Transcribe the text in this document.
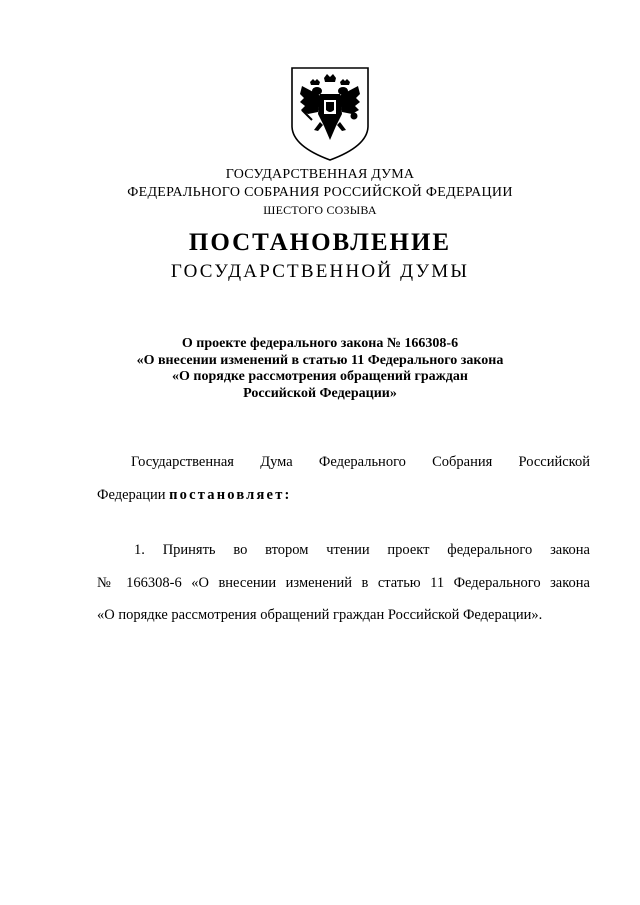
ГОСУДАРСТВЕННАЯ ДУМА
ФЕДЕРАЛЬНОГО СОБРАНИЯ РОССИЙСКОЙ ФЕДЕРАЦИИ
ШЕСТОГО СОЗЫВА
ПОСТАНОВЛЕНИЕ
ГОСУДАРСТВЕННОЙ ДУМЫ
О проекте федерального закона № 166308-6
«О внесении изменений в статью 11 Федерального закона
«О порядке рассмотрения обращений граждан
Российской Федерации»
Государственная Дума Федерального Собрания Российской
Федерации постановляет:
1. Принять во втором чтении проект федерального закона
№ 166308-6 «О внесении изменений в статью 11 Федерального закона
«О порядке рассмотрения обращений граждан Российской Федерации».
